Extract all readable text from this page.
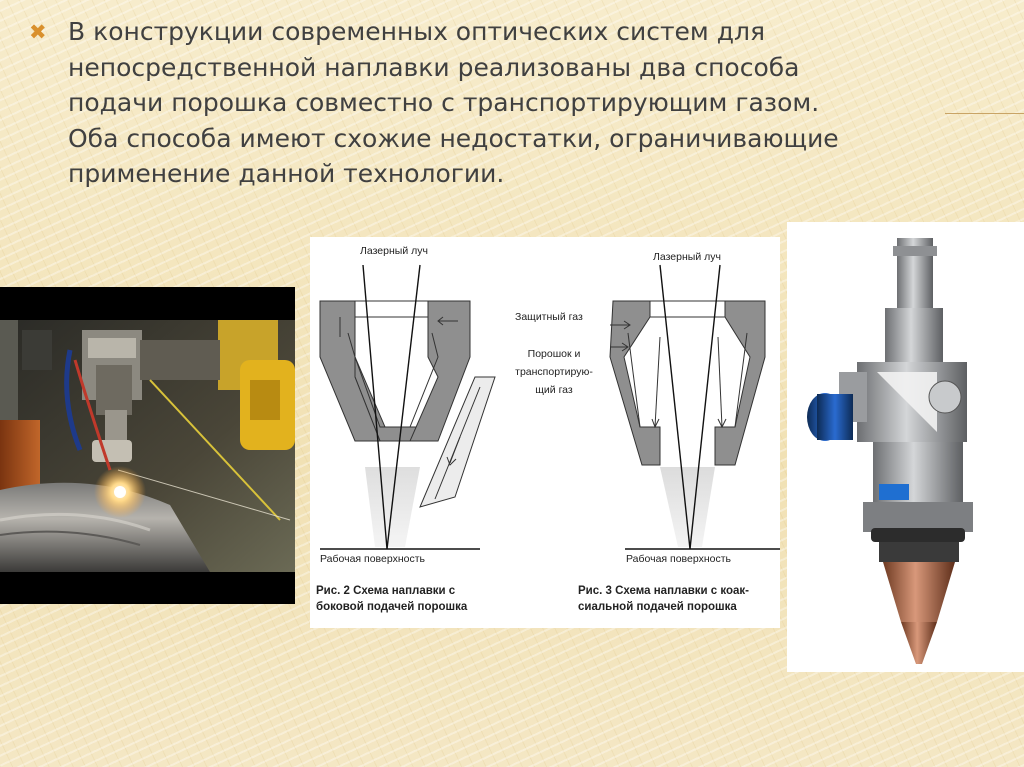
✖ В конструкции современных оптических систем для
непосредственной наплавки реализованы два способа
подачи порошка совместно с транспортирующим газом.
Оба способа имеют схожие недостатки, ограничивающие
применение данной технологии.

Лазерный луч
Рабочая поверхность
Рис. 2 Схема наплавки с
боковой подачей порошка
Лазерный луч
Защитный газ
Порошок и
транспортирую-
щий газ
Рабочая поверхность
Рис. 3 Схема наплавки с коак-
сиальной подачей порошка
